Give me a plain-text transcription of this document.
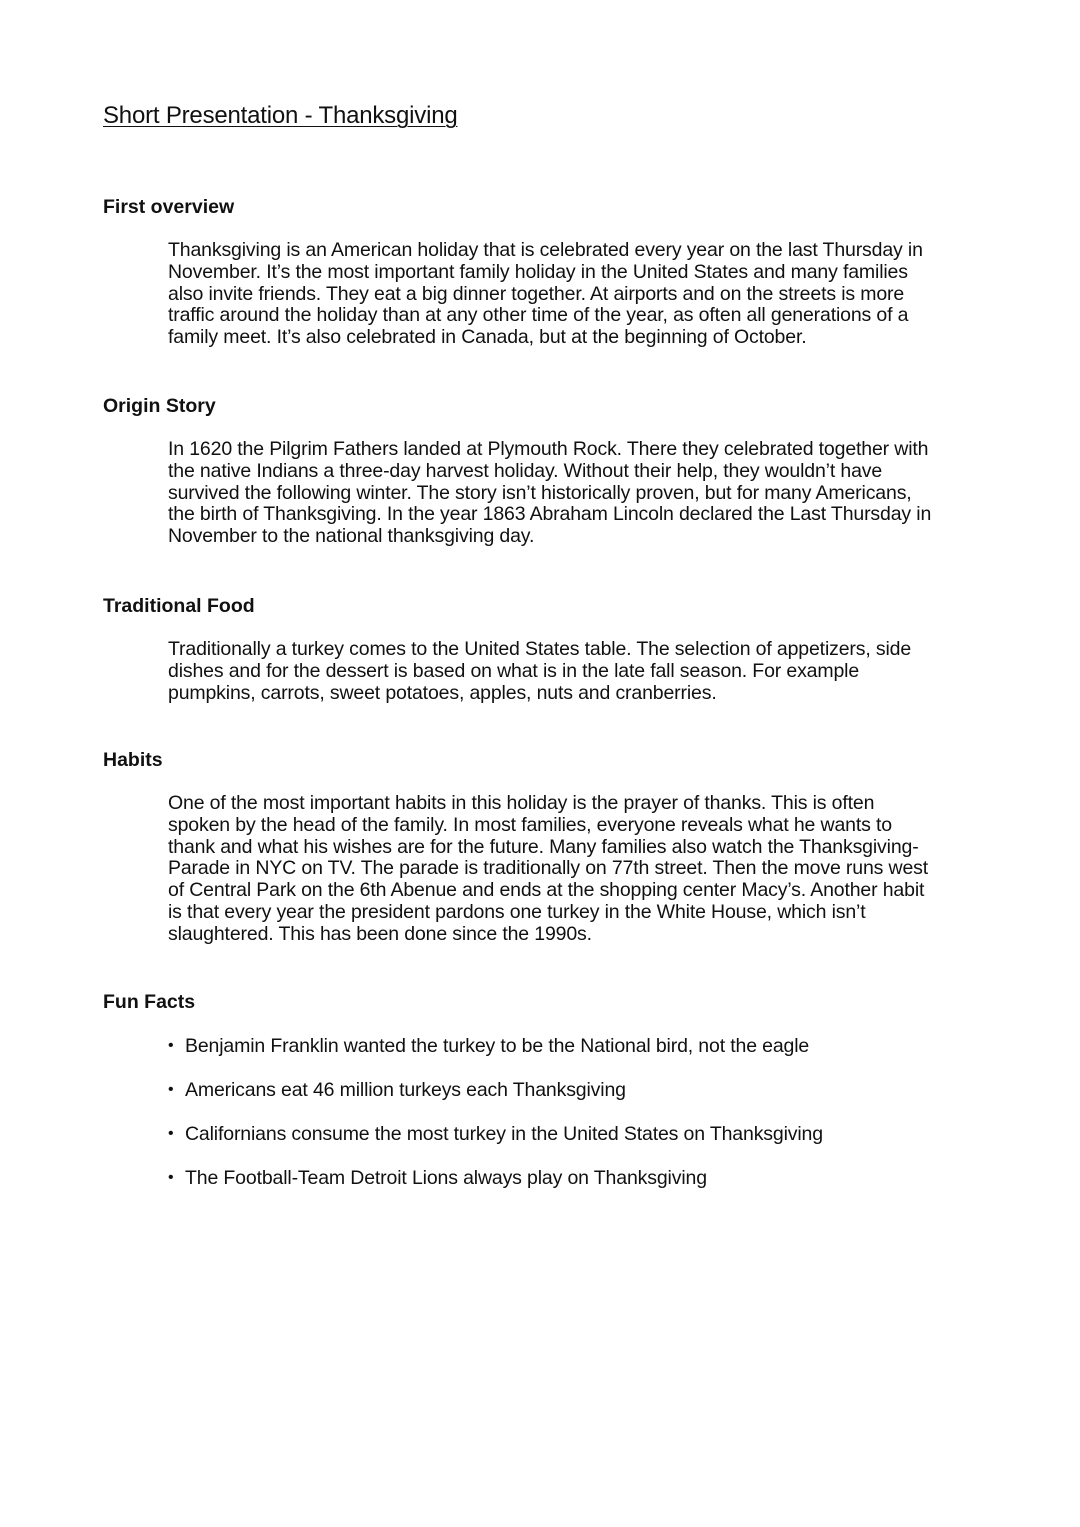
Short Presentation - Thanksgiving
First overview

Thanksgiving is an American holiday that is celebrated every year on the last Thursday in
November. It’s the most important family holiday in the United States and many families
also invite friends. They eat a big dinner together. At airports and on the streets is more
traffic around the holiday than at any other time of the year, as often all generations of a
family meet. It’s also celebrated in Canada, but at the beginning of October.

Origin Story

In 1620 the Pilgrim Fathers landed at Plymouth Rock. There they celebrated together with
the native Indians a three-day harvest holiday. Without their help, they wouldn’t have
survived the following winter. The story isn’t historically proven, but for many Americans,
the birth of Thanksgiving. In the year 1863 Abraham Lincoln declared the Last Thursday in
November to the national thanksgiving day.

Traditional Food

Traditionally a turkey comes to the United States table. The selection of appetizers, side
dishes and for the dessert is based on what is in the late fall season. For example
pumpkins, carrots, sweet potatoes, apples, nuts and cranberries.

Habits

One of the most important habits in this holiday is the prayer of thanks. This is often
spoken by the head of the family. In most families, everyone reveals what he wants to
thank and what his wishes are for the future. Many families also watch the Thanksgiving-
Parade in NYC on TV. The parade is traditionally on 77th street. Then the move runs west
of Central Park on the 6th Abenue and ends at the shopping center Macy’s. Another habit
is that every year the president pardons one turkey in the White House, which isn’t
slaughtered. This has been done since the 1990s.

Fun Facts
• Benjamin Franklin wanted the turkey to be the National bird, not the eagle
• Americans eat 46 million turkeys each Thanksgiving
• Californians consume the most turkey in the United States on Thanksgiving
• The Football-Team Detroit Lions always play on Thanksgiving
